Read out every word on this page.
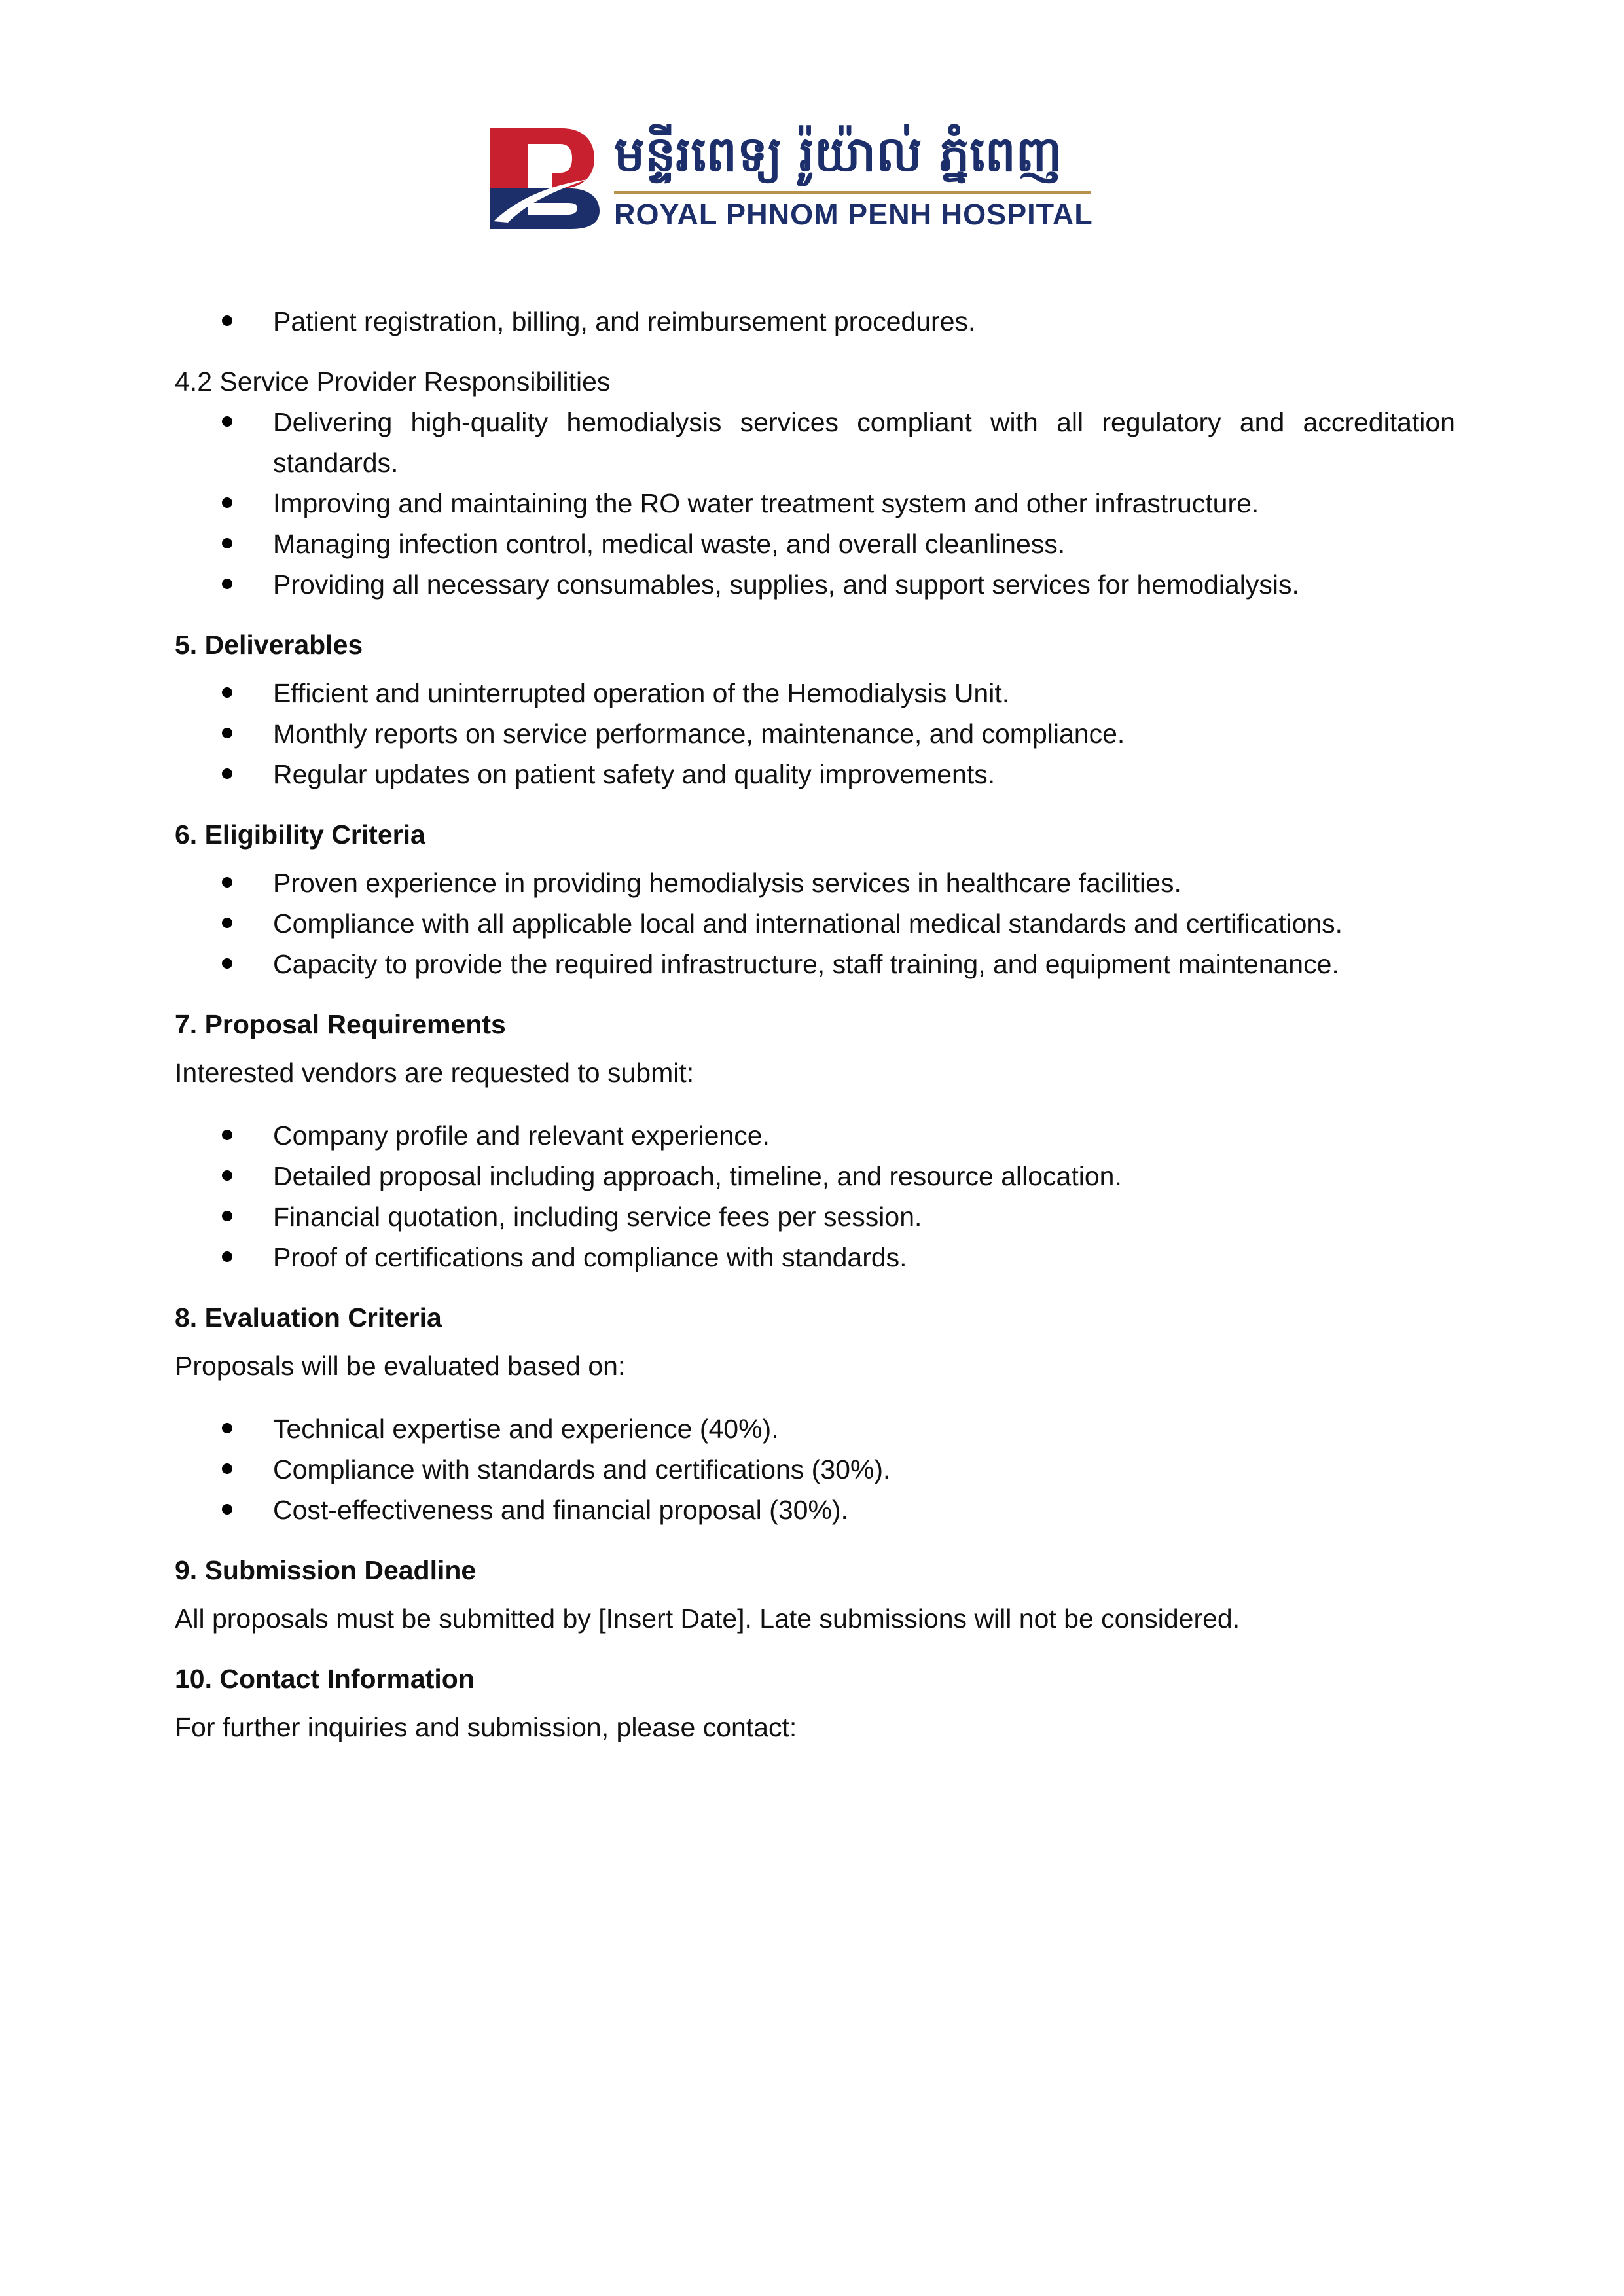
មន្ទីរពេទ្យ រ៉ូយ៉ាល់ ភ្នំពេញ
ROYAL PHNOM PENH HOSPITAL
Patient registration, billing, and reimbursement procedures.

4.2 Service Provider Responsibilities

Delivering high-quality hemodialysis services compliant with all regulatory and accreditation standards.
Improving and maintaining the RO water treatment system and other infrastructure.
Managing infection control, medical waste, and overall cleanliness.
Providing all necessary consumables, supplies, and support services for hemodialysis.

5. Deliverables

Efficient and uninterrupted operation of the Hemodialysis Unit.
Monthly reports on service performance, maintenance, and compliance.
Regular updates on patient safety and quality improvements.

6. Eligibility Criteria

Proven experience in providing hemodialysis services in healthcare facilities.
Compliance with all applicable local and international medical standards and certifications.
Capacity to provide the required infrastructure, staff training, and equipment maintenance.

7. Proposal Requirements

Interested vendors are requested to submit:

Company profile and relevant experience.
Detailed proposal including approach, timeline, and resource allocation.
Financial quotation, including service fees per session.
Proof of certifications and compliance with standards.

8. Evaluation Criteria

Proposals will be evaluated based on:

Technical expertise and experience (40%).
Compliance with standards and certifications (30%).
Cost-effectiveness and financial proposal (30%).

9. Submission Deadline

All proposals must be submitted by [Insert Date]. Late submissions will not be considered.

10. Contact Information

For further inquiries and submission, please contact:
